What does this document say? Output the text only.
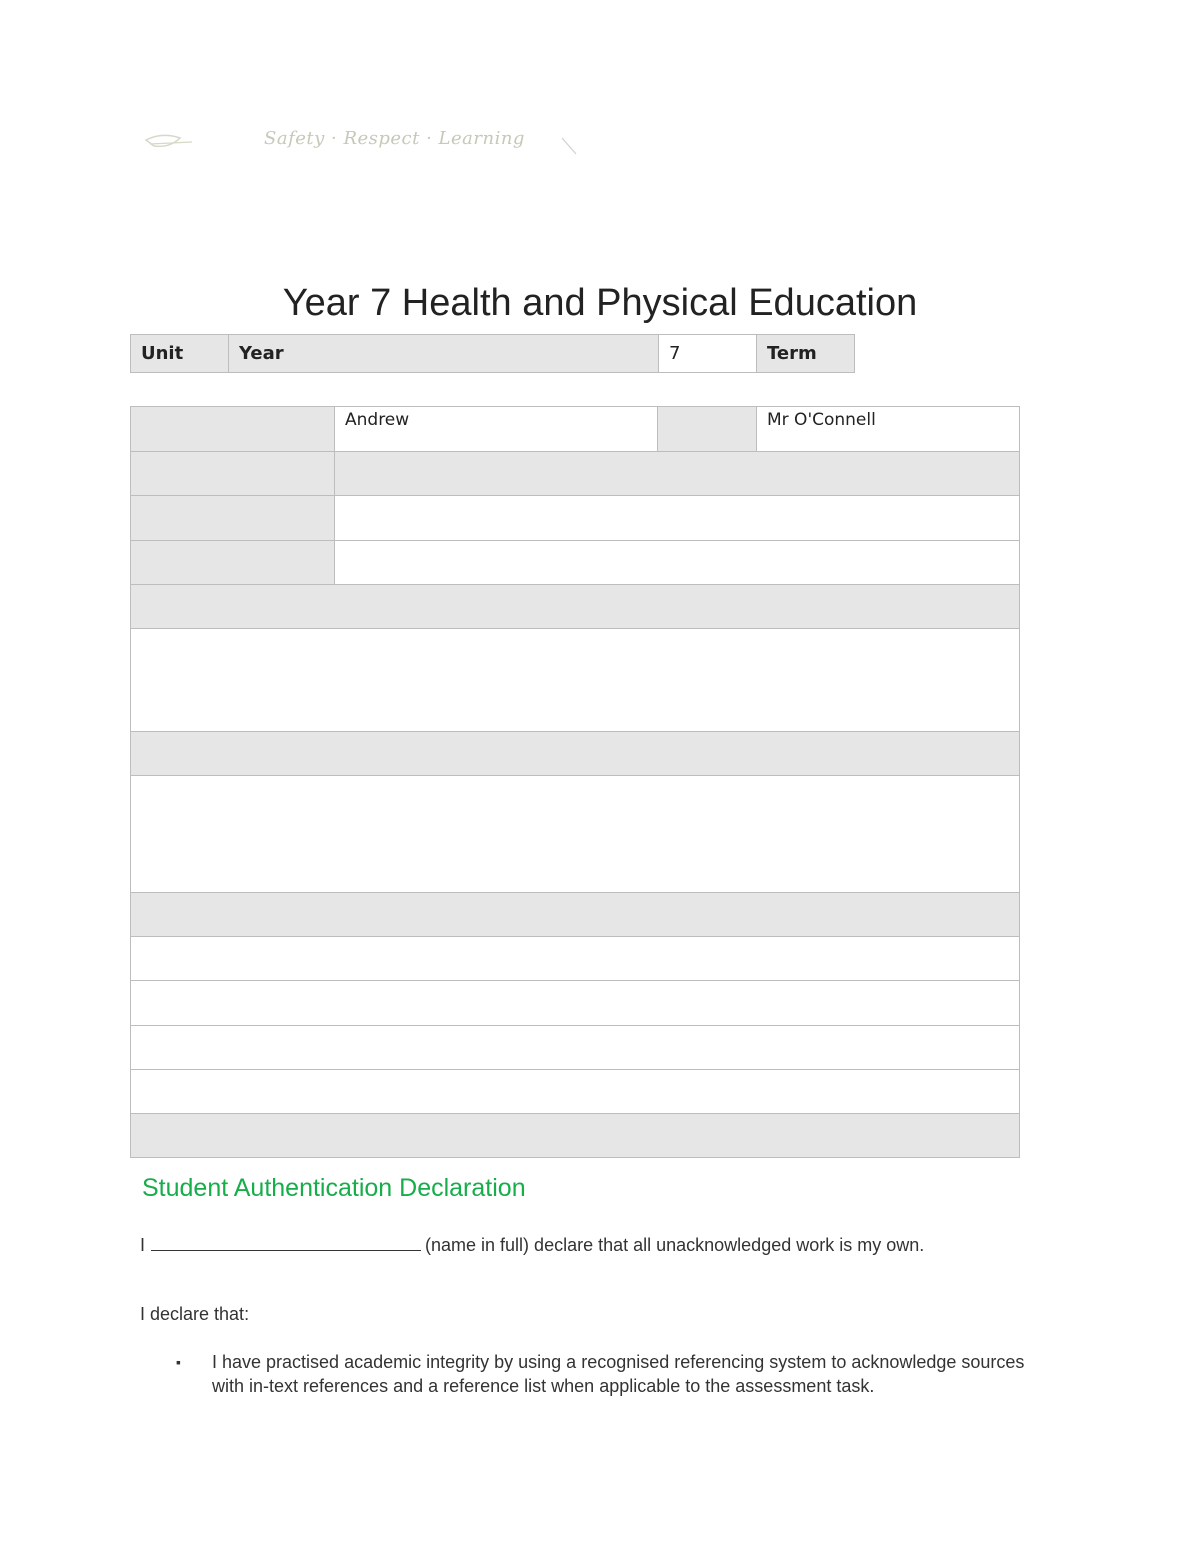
Safety · Respect · Learning
Year 7 Health and Physical Education
Unit	Year	7	Term
	Andrew		Mr O'Connell

Student Authentication Declaration
I	(name in full) declare that all unacknowledged work is my own.
I declare that:
▪ I have practised academic integrity by using a recognised referencing system to acknowledge sources with in-text references and a reference list when applicable to the assessment task.
